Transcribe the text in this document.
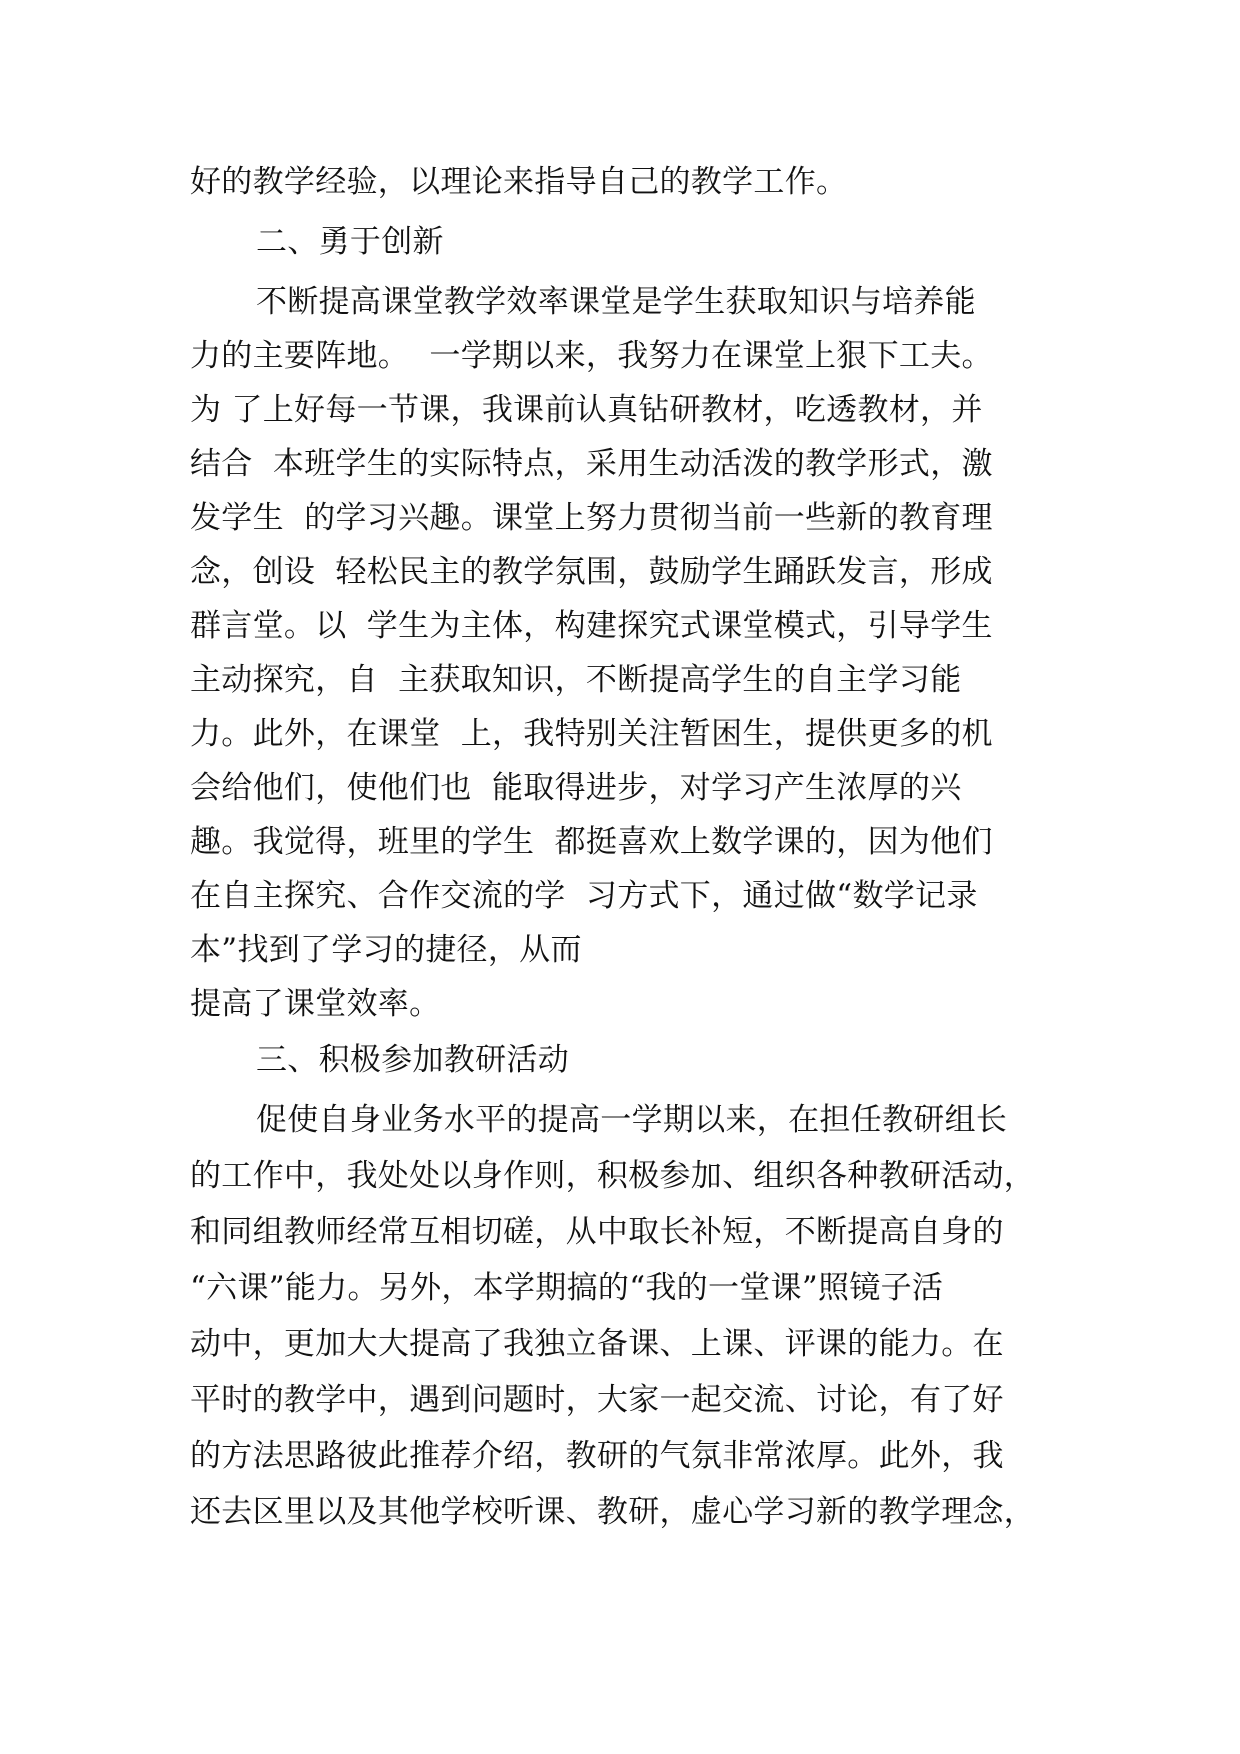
好的教学经验，以理论来指导自己的教学工作。
二、勇于创新
不断提高课堂教学效率课堂是学生获取知识与培养能
力的主要阵地。  一学期以来，我努力在课堂上狠下工夫。
为 了上好每一节课，我课前认真钻研教材，吃透教材，并
结合  本班学生的实际特点，采用生动活泼的教学形式，激
发学生  的学习兴趣。课堂上努力贯彻当前一些新的教育理
念，创设  轻松民主的教学氛围，鼓励学生踊跃发言，形成
群言堂。以  学生为主体，构建探究式课堂模式，引导学生
主动探究，自  主获取知识，不断提高学生的自主学习能
力。此外，在课堂  上，我特别关注暂困生，提供更多的机
会给他们，使他们也  能取得进步，对学习产生浓厚的兴
趣。我觉得，班里的学生  都挺喜欢上数学课的，因为他们
在自主探究、合作交流的学  习方式下，通过做“数学记录
本”找到了学习的捷径，从而
提高了课堂效率。
三、积极参加教研活动
促使自身业务水平的提高一学期以来，在担任教研组长
的工作中，我处处以身作则，积极参加、组织各种教研活动，
和同组教师经常互相切磋，从中取长补短，不断提高自身的
“六课”能力。另外，本学期搞的“我的一堂课”照镜子活
动中，更加大大提高了我独立备课、上课、评课的能力。在
平时的教学中，遇到问题时，大家一起交流、讨论，有了好
的方法思路彼此推荐介绍，教研的气氛非常浓厚。此外，我
还去区里以及其他学校听课、教研，虚心学习新的教学理念，
